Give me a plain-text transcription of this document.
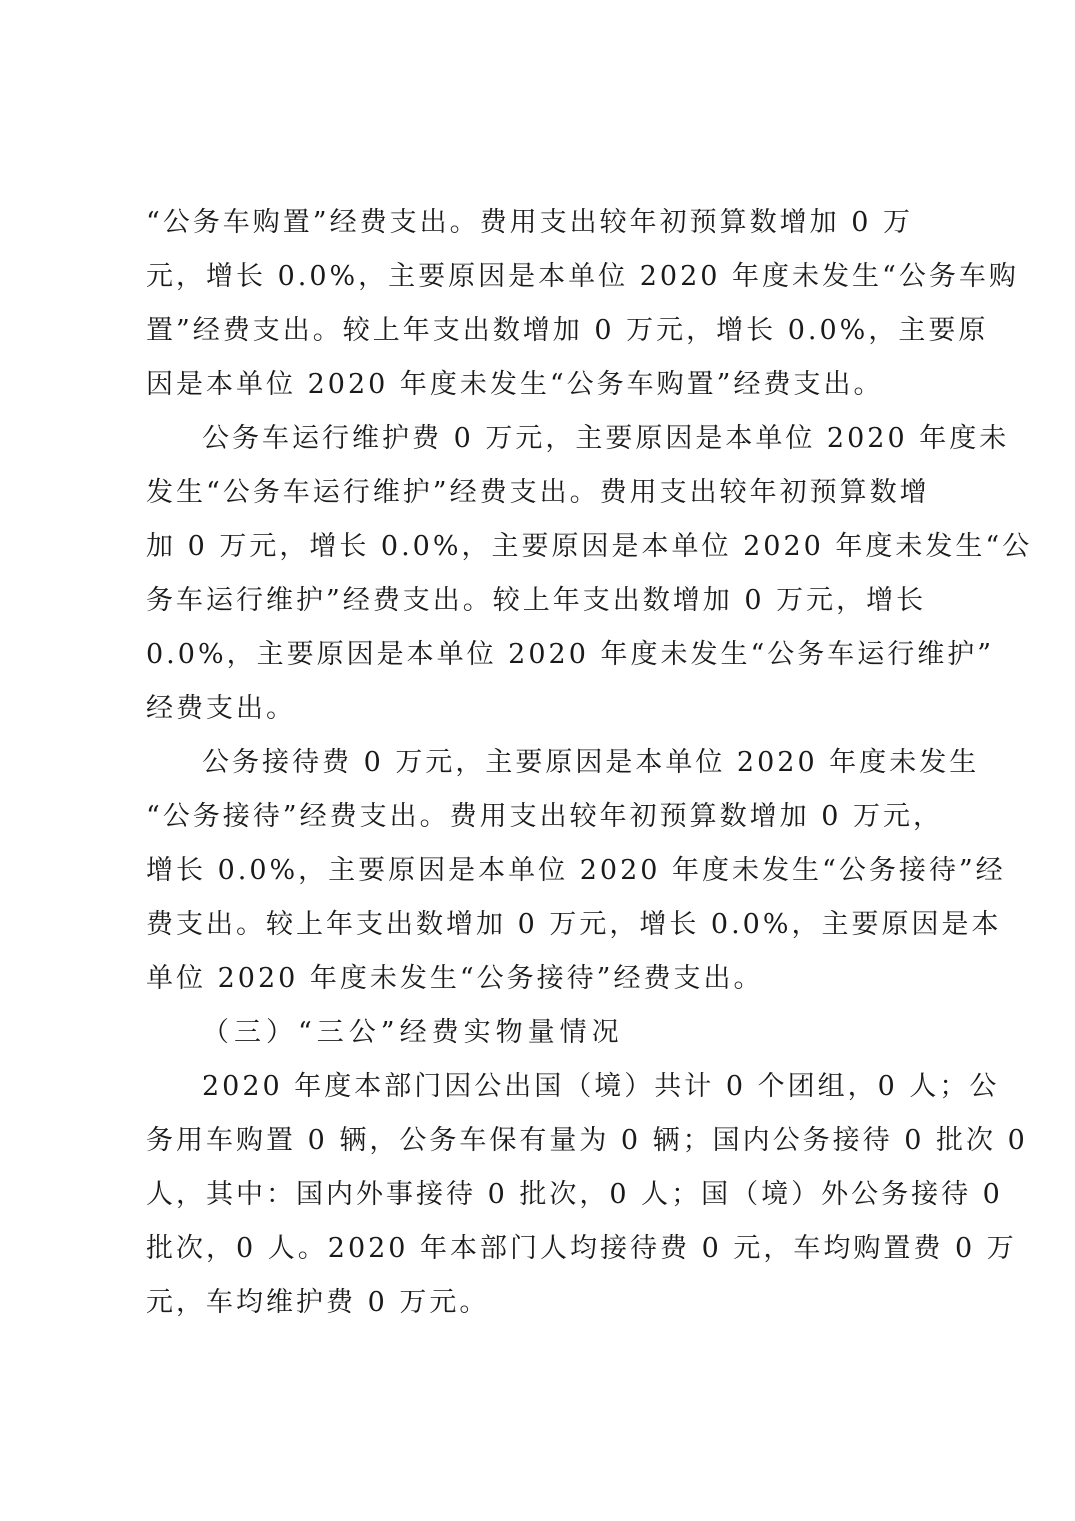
“公务车购置”经费支出。费用支出较年初预算数增加 0 万

元，增长 0.0%，主要原因是本单位 2020 年度未发生“公务车购

置”经费支出。较上年支出数增加 0 万元，增长 0.0%，主要原

因是本单位 2020 年度未发生“公务车购置”经费支出。

公务车运行维护费 0 万元，主要原因是本单位 2020 年度未

发生“公务车运行维护”经费支出。费用支出较年初预算数增

加 0 万元，增长 0.0%，主要原因是本单位 2020 年度未发生“公

务车运行维护”经费支出。较上年支出数增加 0 万元，增长

0.0%，主要原因是本单位 2020 年度未发生“公务车运行维护”

经费支出。

公务接待费 0 万元，主要原因是本单位 2020 年度未发生

“公务接待”经费支出。费用支出较年初预算数增加 0 万元，

增长 0.0%，主要原因是本单位 2020 年度未发生“公务接待”经

费支出。较上年支出数增加 0 万元，增长 0.0%，主要原因是本

单位 2020 年度未发生“公务接待”经费支出。

（三）“三公”经费实物量情况

2020 年度本部门因公出国（境）共计 0 个团组，0 人；公

务用车购置 0 辆，公务车保有量为 0 辆；国内公务接待 0 批次 0

人，其中：国内外事接待 0 批次，0 人；国（境）外公务接待 0

批次，0 人。2020 年本部门人均接待费 0 元，车均购置费 0 万

元，车均维护费 0 万元。
